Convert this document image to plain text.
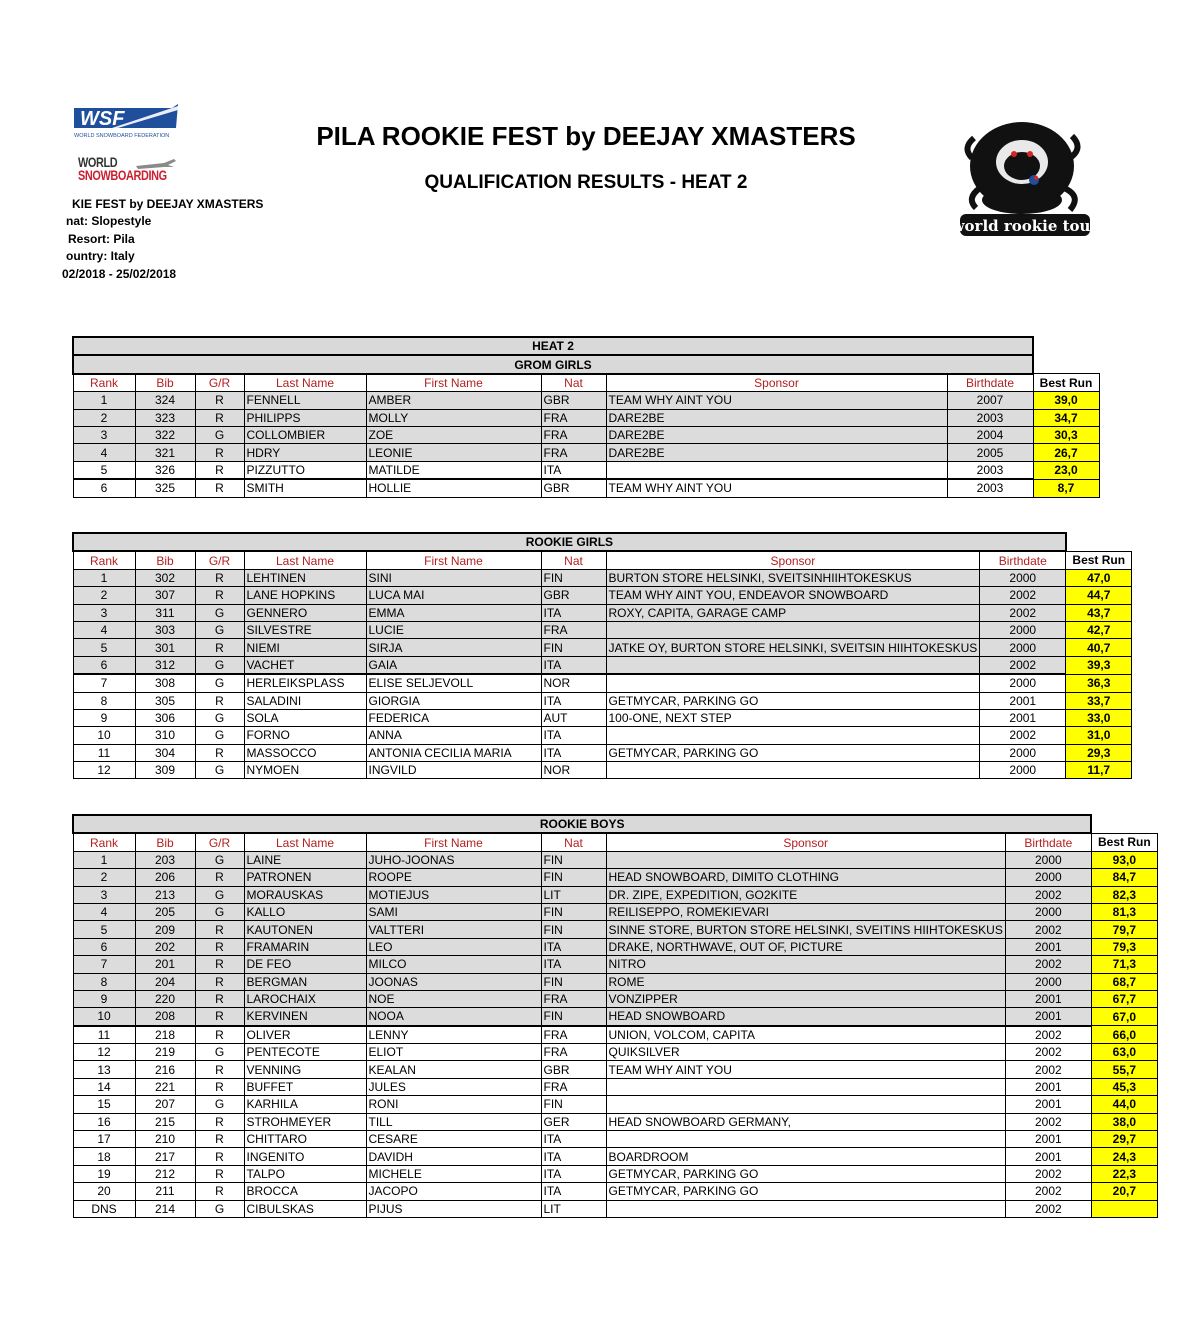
WSF
WORLD SNOWBOARD FEDERATION
WORLD
SNOWBOARDING
world rookie tour
PILA ROOKIE FEST by DEEJAY XMASTERS
QUALIFICATION RESULTS - HEAT 2
KIE FEST by DEEJAY XMASTERS
nat: Slopestyle
Resort: Pila
ountry: Italy
02/2018 - 25/02/2018
HEAT 2								
GROM GIRLS								
Rank	Bib	G/R	Last Name	First Name	Nat	Sponsor	Birthdate	Best Run
1	324	R	FENNELL	AMBER	GBR	TEAM WHY AINT YOU	2007	39,0
2	323	R	PHILIPPS	MOLLY	FRA	DARE2BE	2003	34,7
3	322	G	COLLOMBIER	ZOE	FRA	DARE2BE	2004	30,3
4	321	R	HDRY	LEONIE	FRA	DARE2BE	2005	26,7
5	326	R	PIZZUTTO	MATILDE	ITA		2003	23,0
6	325	R	SMITH	HOLLIE	GBR	TEAM WHY AINT YOU	2003	8,7
ROOKIE GIRLS								
Rank	Bib	G/R	Last Name	First Name	Nat	Sponsor	Birthdate	Best Run
1	302	R	LEHTINEN	SINI	FIN	BURTON STORE HELSINKI, SVEITSINHIIHTOKESKUS	2000	47,0
2	307	R	LANE HOPKINS	LUCA MAI	GBR	TEAM WHY AINT YOU, ENDEAVOR SNOWBOARD	2002	44,7
3	311	G	GENNERO	EMMA	ITA	ROXY, CAPITA, GARAGE CAMP	2002	43,7
4	303	G	SILVESTRE	LUCIE	FRA		2000	42,7
5	301	R	NIEMI	SIRJA	FIN	JATKE OY, BURTON STORE HELSINKI, SVEITSIN HIIHTOKESKUS	2000	40,7
6	312	G	VACHET	GAIA	ITA		2002	39,3
7	308	G	HERLEIKSPLASS	ELISE SELJEVOLL	NOR		2000	36,3
8	305	R	SALADINI	GIORGIA	ITA	GETMYCAR, PARKING GO	2001	33,7
9	306	G	SOLA	FEDERICA	AUT	100-ONE, NEXT STEP	2001	33,0
10	310	G	FORNO	ANNA	ITA		2002	31,0
11	304	R	MASSOCCO	ANTONIA CECILIA MARIA	ITA	GETMYCAR, PARKING GO	2000	29,3
12	309	G	NYMOEN	INGVILD	NOR		2000	11,7
ROOKIE BOYS								
Rank	Bib	G/R	Last Name	First Name	Nat	Sponsor	Birthdate	Best Run
1	203	G	LAINE	JUHO-JOONAS	FIN		2000	93,0
2	206	R	PATRONEN	ROOPE	FIN	HEAD SNOWBOARD, DIMITO CLOTHING	2000	84,7
3	213	G	MORAUSKAS	MOTIEJUS	LIT	DR. ZIPE, EXPEDITION, GO2KITE	2002	82,3
4	205	G	KALLO	SAMI	FIN	REILISEPPO, ROMEKIEVARI	2000	81,3
5	209	R	KAUTONEN	VALTTERI	FIN	SINNE STORE, BURTON STORE HELSINKI, SVEITINS HIIHTOKESKUS	2002	79,7
6	202	R	FRAMARIN	LEO	ITA	DRAKE, NORTHWAVE, OUT OF, PICTURE	2001	79,3
7	201	R	DE FEO	MILCO	ITA	NITRO	2002	71,3
8	204	R	BERGMAN	JOONAS	FIN	ROME	2000	68,7
9	220	R	LAROCHAIX	NOE	FRA	VONZIPPER	2001	67,7
10	208	R	KERVINEN	NOOA	FIN	HEAD SNOWBOARD	2001	67,0
11	218	R	OLIVER	LENNY	FRA	UNION, VOLCOM, CAPITA	2002	66,0
12	219	G	PENTECOTE	ELIOT	FRA	QUIKSILVER	2002	63,0
13	216	R	VENNING	KEALAN	GBR	TEAM WHY AINT YOU	2002	55,7
14	221	R	BUFFET	JULES	FRA		2001	45,3
15	207	G	KARHILA	RONI	FIN		2001	44,0
16	215	R	STROHMEYER	TILL	GER	HEAD SNOWBOARD GERMANY,	2002	38,0
17	210	R	CHITTARO	CESARE	ITA		2001	29,7
18	217	R	INGENITO	DAVIDH	ITA	BOARDROOM	2001	24,3
19	212	R	TALPO	MICHELE	ITA	GETMYCAR, PARKING GO	2002	22,3
20	211	R	BROCCA	JACOPO	ITA	GETMYCAR, PARKING GO	2002	20,7
DNS	214	G	CIBULSKAS	PIJUS	LIT		2002	
